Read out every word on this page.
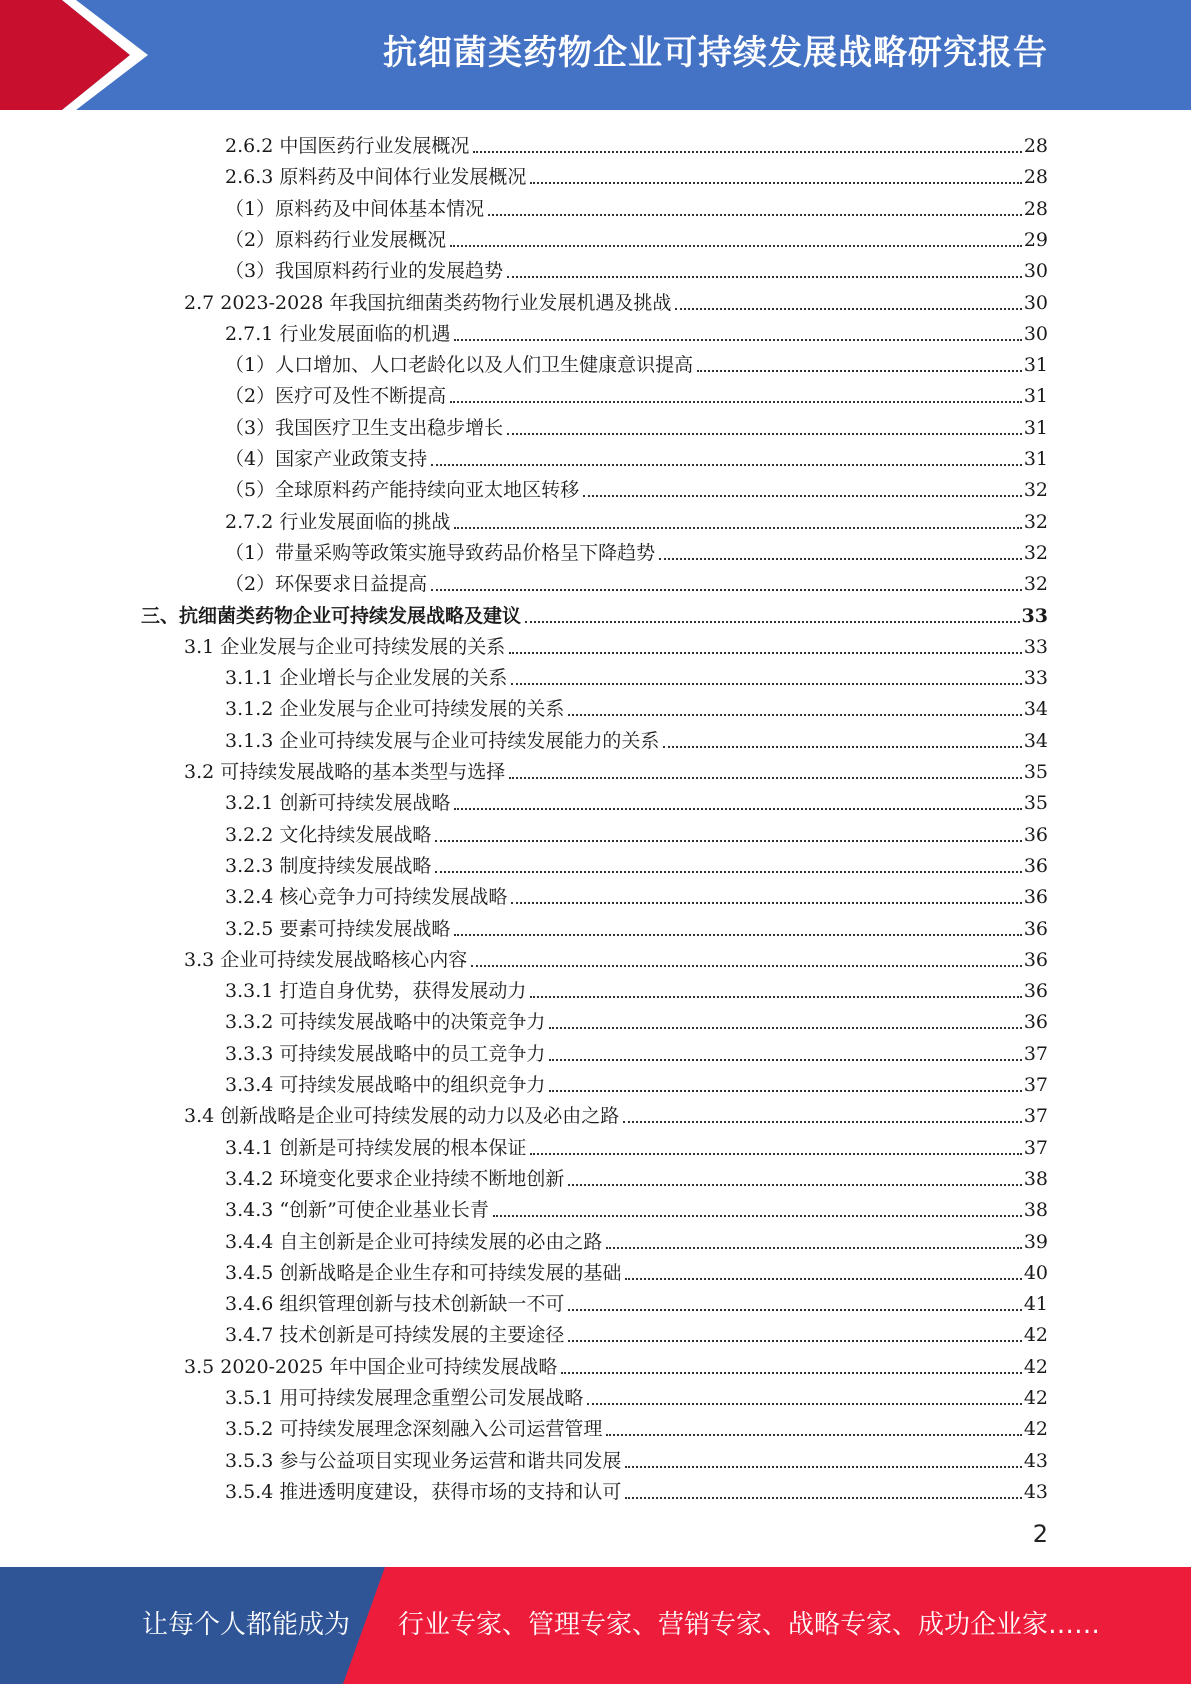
抗细菌类药物企业可持续发展战略研究报告
2.6.2 中国医药行业发展概况	28
2.6.3 原料药及中间体行业发展概况	28
（1）原料药及中间体基本情况	28
（2）原料药行业发展概况	29
（3）我国原料药行业的发展趋势	30
2.7 2023-2028 年我国抗细菌类药物行业发展机遇及挑战	30
2.7.1 行业发展面临的机遇	30
（1）人口增加、人口老龄化以及人们卫生健康意识提高	31
（2）医疗可及性不断提高	31
（3）我国医疗卫生支出稳步增长	31
（4）国家产业政策支持	31
（5）全球原料药产能持续向亚太地区转移	32
2.7.2 行业发展面临的挑战	32
（1）带量采购等政策实施导致药品价格呈下降趋势	32
（2）环保要求日益提高	32
三、抗细菌类药物企业可持续发展战略及建议	33
3.1 企业发展与企业可持续发展的关系	33
3.1.1 企业增长与企业发展的关系	33
3.1.2 企业发展与企业可持续发展的关系	34
3.1.3 企业可持续发展与企业可持续发展能力的关系	34
3.2 可持续发展战略的基本类型与选择	35
3.2.1 创新可持续发展战略	35
3.2.2 文化持续发展战略	36
3.2.3 制度持续发展战略	36
3.2.4 核心竞争力可持续发展战略	36
3.2.5 要素可持续发展战略	36
3.3 企业可持续发展战略核心内容	36
3.3.1 打造自身优势，获得发展动力	36
3.3.2 可持续发展战略中的决策竞争力	36
3.3.3 可持续发展战略中的员工竞争力	37
3.3.4 可持续发展战略中的组织竞争力	37
3.4 创新战略是企业可持续发展的动力以及必由之路	37
3.4.1 创新是可持续发展的根本保证	37
3.4.2 环境变化要求企业持续不断地创新	38
3.4.3 “创新”可使企业基业长青	38
3.4.4 自主创新是企业可持续发展的必由之路	39
3.4.5 创新战略是企业生存和可持续发展的基础	40
3.4.6 组织管理创新与技术创新缺一不可	41
3.4.7 技术创新是可持续发展的主要途径	42
3.5 2020-2025 年中国企业可持续发展战略	42
3.5.1 用可持续发展理念重塑公司发展战略	42
3.5.2 可持续发展理念深刻融入公司运营管理	42
3.5.3 参与公益项目实现业务运营和谐共同发展	43
3.5.4 推进透明度建设，获得市场的支持和认可	43
2
让每个人都能成为 行业专家、管理专家、营销专家、战略专家、成功企业家……
